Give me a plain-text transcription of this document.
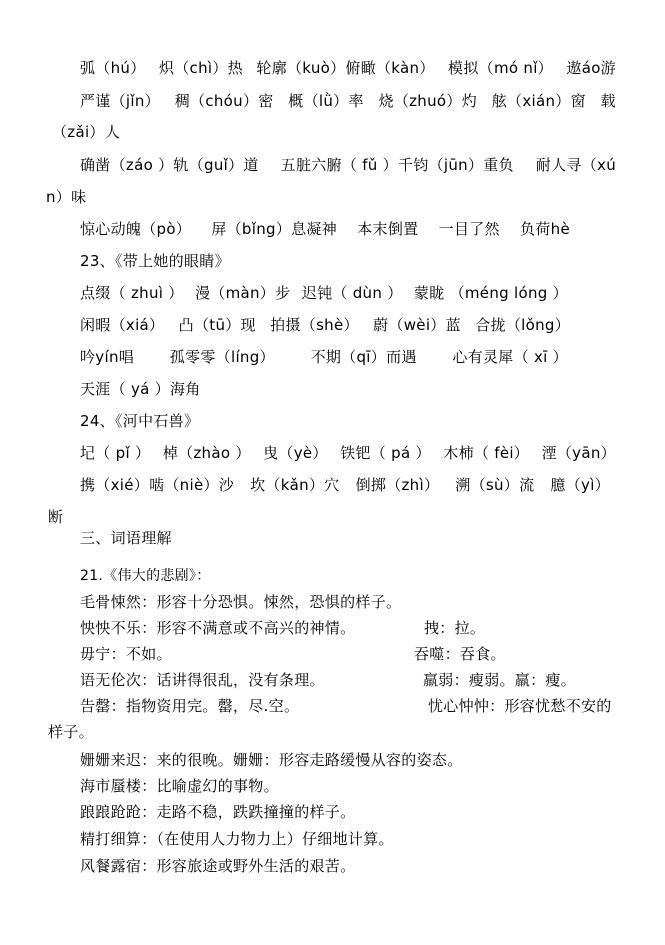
弧（hú） 炽（chì）热 轮廓（kuò）俯瞰（kàn） 模拟（mó nǐ） 遨áo游
严谨（jǐn） 稠（chóu）密 概（lǜ）率 烧（zhuó）灼 舷（xián）窗 载
（zǎi）人
确凿（záo ）轨（guǐ）道 五脏六腑（ fǔ ）千钧（jūn）重负 耐人寻（xú
n）味
惊心动魄（pò） 屏（bǐng）息凝神 本末倒置 一目了然 负荷hè
23、《带上她的眼睛》
点缀（ zhuì ） 漫（màn）步 迟钝（ dùn ） 蒙眬 （méng lóng ）
闲暇（xiá） 凸（tū）现 拍摄（shè） 蔚（wèi）蓝 合拢（lǒng）
吟yín唱 孤零零（líng） 不期（qī）而遇 心有灵犀（ xī ）
天涯（ yá ）海角
24、《河中石兽》
圮（ pǐ ） 棹（zhào ） 曳（yè） 铁钯（ pá ） 木柿（ fèi） 湮（yān）
携（xié）啮（niè）沙 坎（kǎn）穴 倒掷（zhì） 溯（sù）流 臆（yì）
断
三、词语理解
21.《伟大的悲剧》：
毛骨悚然：形容十分恐惧。悚然，恐惧的样子。
怏怏不乐：形容不满意或不高兴的神情。	拽：拉。
毋宁：不如。	吞噬：吞食。
语无伦次：话讲得很乱，没有条理。	羸弱：瘦弱。羸：瘦。
告罄：指物资用完。罄，尽.空。	忧心忡忡：形容忧愁不安的
样子。
姗姗来迟：来的很晚。姗姗：形容走路缓慢从容的姿态。
海市蜃楼：比喻虚幻的事物。
踉踉跄跄：走路不稳，跌跌撞撞的样子。
精打细算：（在使用人力物力上）仔细地计算。
风餐露宿：形容旅途或野外生活的艰苦。
